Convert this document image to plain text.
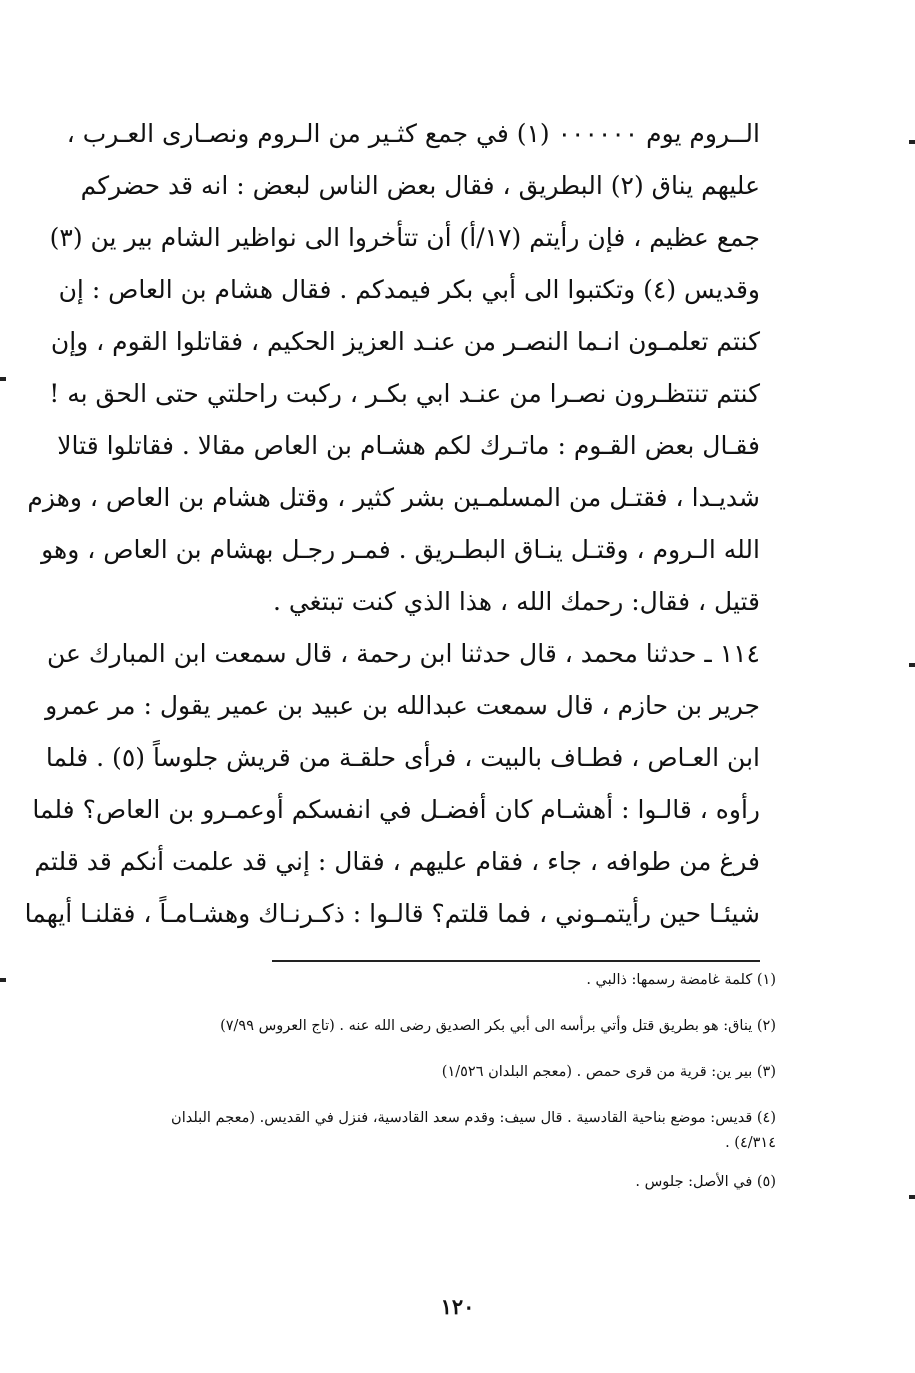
الــروم يوم ٠٠٠٠٠٠ (١) في جمع كثـير من الـروم ونصـارى العـرب ،
عليهم يناق (٢) البطريق ، فقال بعض الناس لبعض : انه قد حضركم
جمع عظيم ، فإن رأيتم (١٧/أ) أن تتأخروا الى نواظير الشام بير ين (٣)
وقديس (٤) وتكتبوا الى أبي بكر فيمدكم . فقال هشام بن العاص : إن
كنتم تعلمـون انـما النصـر من عنـد العزيز الحكيم ، فقاتلوا القوم ، وإن
كنتم تنتظـرون نصـرا من عنـد ابي بكـر ، ركبت راحلتي حتى الحق به !
فقـال بعض القـوم : ماتـرك لكم هشـام بن العاص مقالا . فقاتلوا قتالا
شديـدا ، فقتـل من المسلمـين بشر كثير ، وقتل هشام بن العاص ، وهزم
الله الـروم ، وقتـل ينـاق البطـريق . فمـر رجـل بهشام بن العاص ، وهو
قتيل ، فقال: رحمك الله ، هذا الذي كنت تبتغي .
١١٤ ـ حدثنا محمد ، قال حدثنا ابن رحمة ، قال سمعت ابن المبارك عن
جرير بن حازم ، قال سمعت عبدالله بن عبيد بن عمير يقول : مر عمرو
ابن العـاص ، فطـاف بالبيت ، فرأى حلقـة من قريش جلوساً (٥) . فلما
رأوه ، قالـوا : أهشـام كان أفضـل في انفسكم أوعمـرو بن العاص؟ فلما
فرغ من طوافه ، جاء ، فقام عليهم ، فقال : إني قد علمت أنكم قد قلتم
شيئـا حين رأيتمـوني ، فما قلتم؟ قالـوا : ذكـرنـاك وهشـامـاً ، فقلنـا أيهما

(١) كلمة غامضة رسمها: ذالبي .

(٢) يناق: هو بطريق قتل وأتي برأسه الى أبي بكر الصديق رضى الله عنه . (تاج العروس ٧/٩٩)

(٣) بير ين: قرية من قرى حمص . (معجم البلدان ١/٥٢٦)

(٤) قديس: موضع بناحية القادسية . قال سيف: وقدم سعد القادسية، فنزل في القديس. (معجم البلدان

٤/٣١٤) .

(٥) في الأصل: جلوس .

١٢٠
